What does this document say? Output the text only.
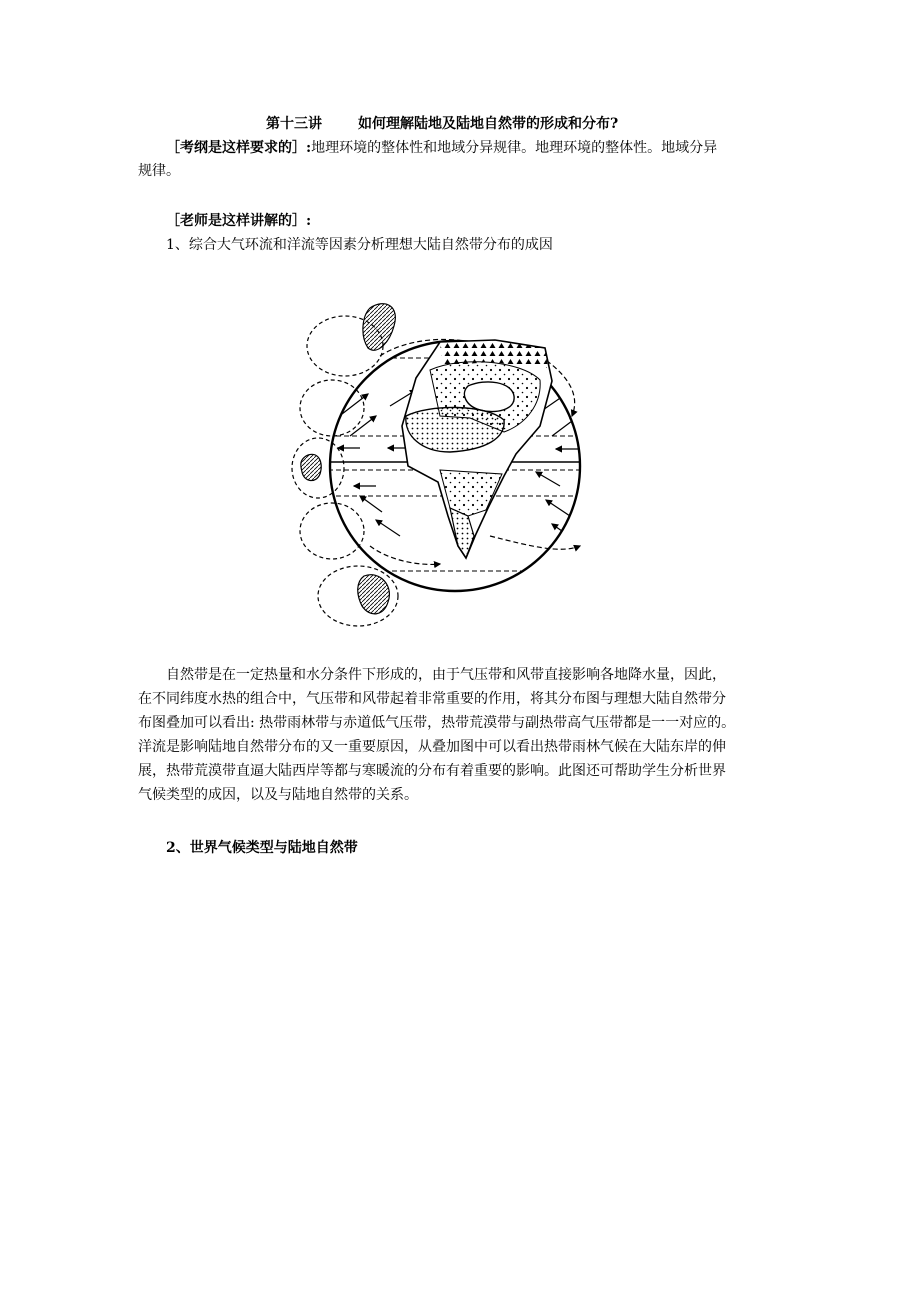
第十三讲	如何理解陆地及陆地自然带的形成和分布?
［考纲是这样要求的］:地理环境的整体性和地域分异规律。地理环境的整体性。地域分异
规律。
［老师是这样讲解的］:
1、综合大气环流和洋流等因素分析理想大陆自然带分布的成因
自然带是在一定热量和水分条件下形成的，由于气压带和风带直接影响各地降水量，因此，
在不同纬度水热的组合中，气压带和风带起着非常重要的作用，将其分布图与理想大陆自然带分
布图叠加可以看出: 热带雨林带与赤道低气压带，热带荒漠带与副热带高气压带都是一一对应的。
洋流是影响陆地自然带分布的又一重要原因，从叠加图中可以看出热带雨林气候在大陆东岸的伸
展，热带荒漠带直逼大陆西岸等都与寒暖流的分布有着重要的影响。此图还可帮助学生分析世界
气候类型的成因，以及与陆地自然带的关系。
2、世界气候类型与陆地自然带
